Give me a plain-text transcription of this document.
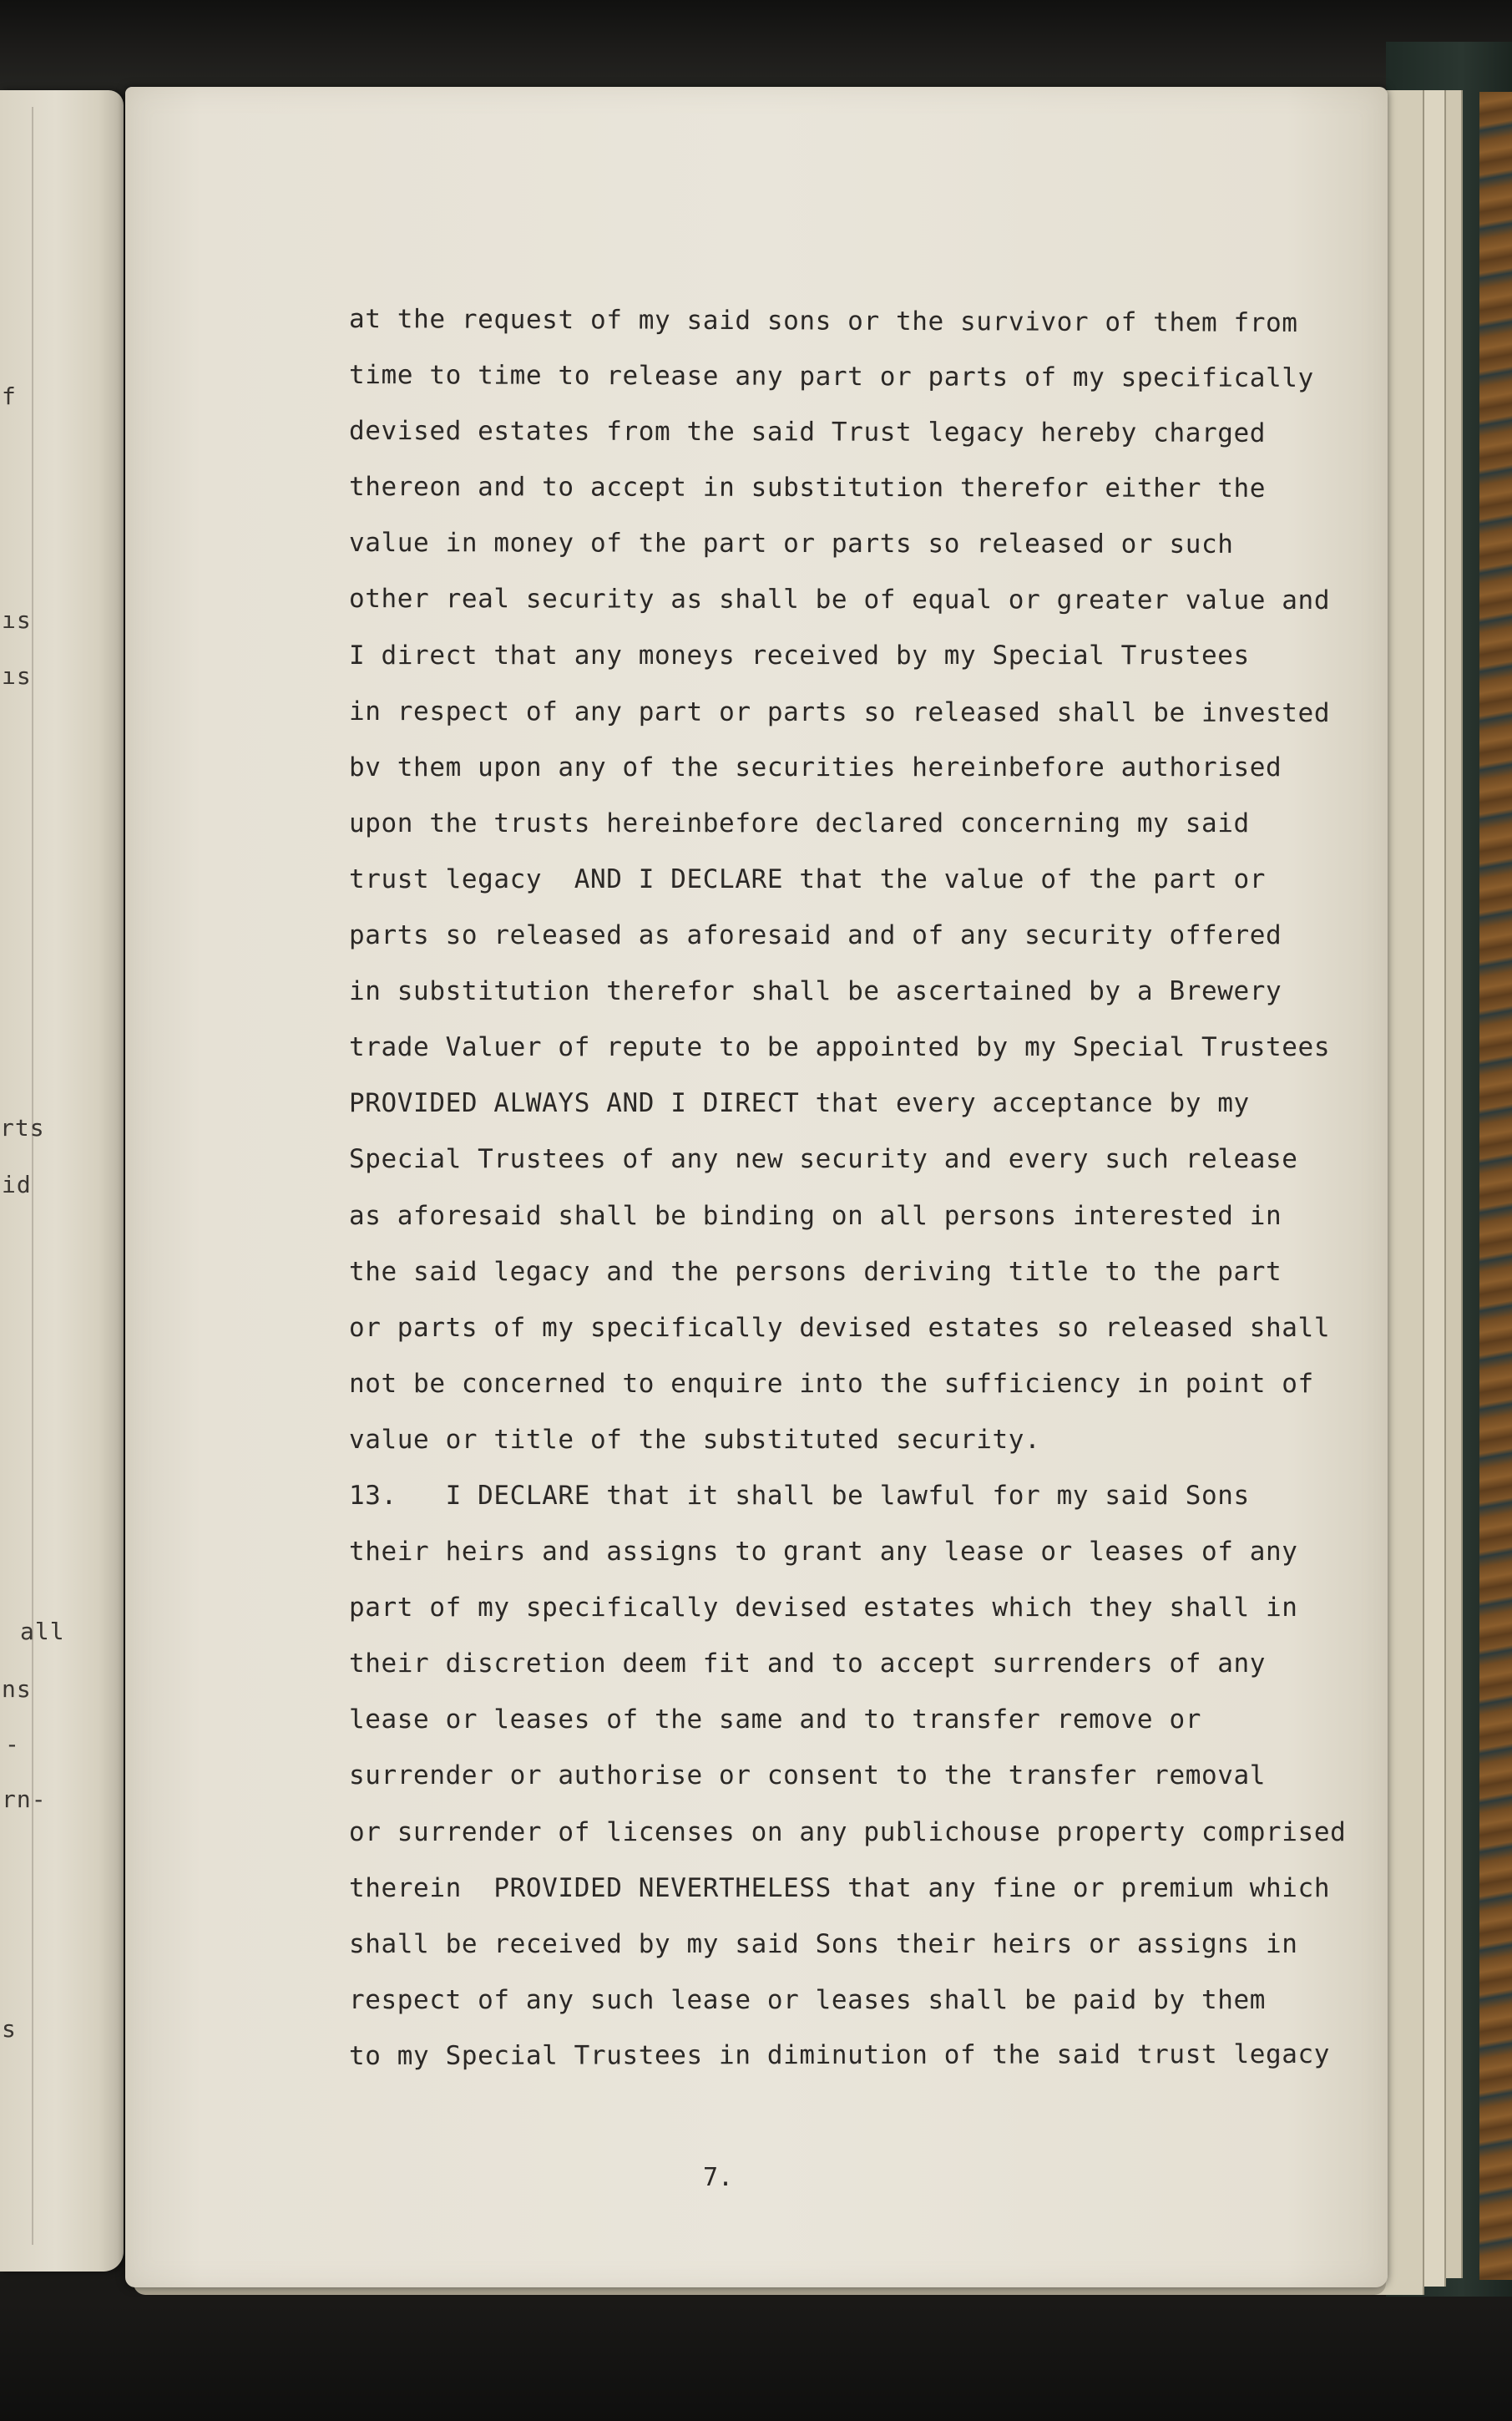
f
ıs
ıs
rts
id
all
ns
-
rn-
s
at the request of my said sons or the survivor of them from
time to time to release any part or parts of my specifically
devised estates from the said Trust legacy hereby charged
thereon and to accept in substitution therefor either the
value in money of the part or parts so released or such
other real security as shall be of equal or greater value and
I direct that any moneys received by my Special Trustees
in respect of any part or parts so released shall be invested
bv them upon any of the securities hereinbefore authorised
upon the trusts hereinbefore declared concerning my said
trust legacy  AND I DECLARE that the value of the part or
parts so released as aforesaid and of any security offered
in substitution therefor shall be ascertained by a Brewery
trade Valuer of repute to be appointed by my Special Trustees
PROVIDED ALWAYS AND I DIRECT that every acceptance by my
Special Trustees of any new security and every such release
as aforesaid shall be binding on all persons interested in
the said legacy and the persons deriving title to the part
or parts of my specifically devised estates so released shall
not be concerned to enquire into the sufficiency in point of
value or title of the substituted security.
13.   I DECLARE that it shall be lawful for my said Sons
their heirs and assigns to grant any lease or leases of any
part of my specifically devised estates which they shall in
their discretion deem fit and to accept surrenders of any
lease or leases of the same and to transfer remove or
surrender or authorise or consent to the transfer removal
or surrender of licenses on any publichouse property comprised
therein  PROVIDED NEVERTHELESS that any fine or premium which
shall be received by my said Sons their heirs or assigns in
respect of any such lease or leases shall be paid by them
to my Special Trustees in diminution of the said trust legacy
7.
